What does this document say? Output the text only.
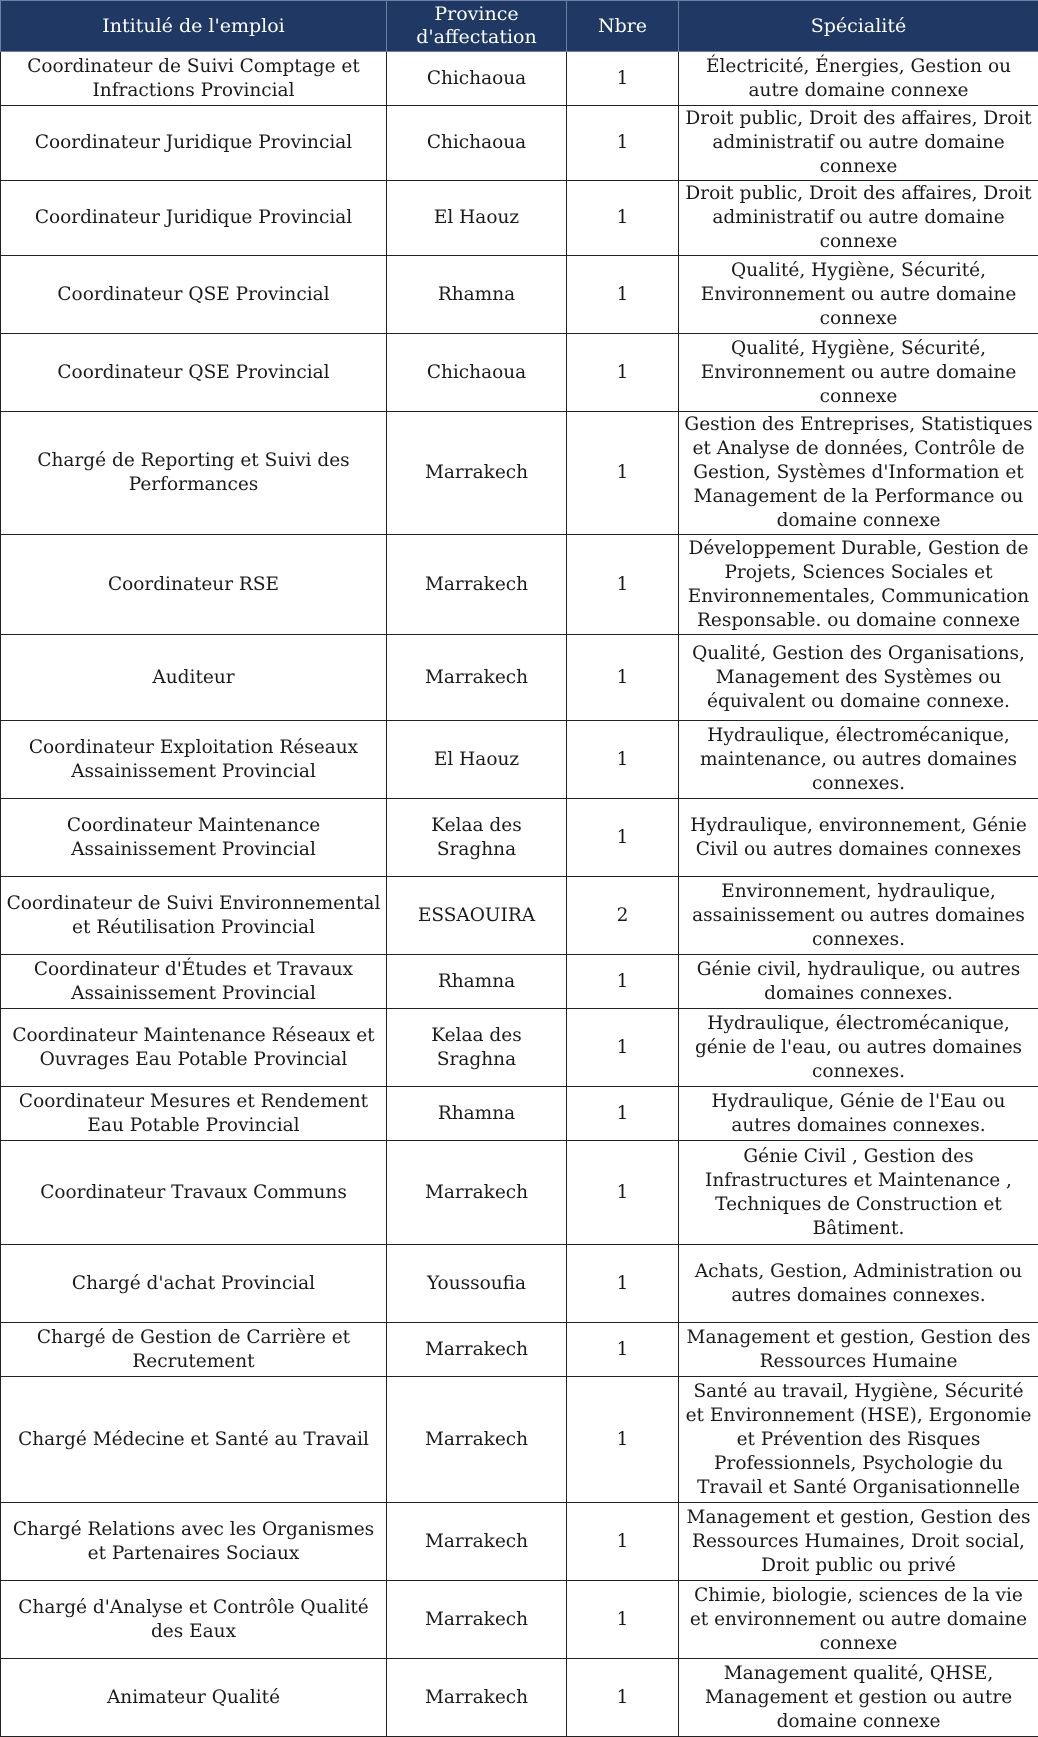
Intitulé de l'emploi	Province d'affectation	Nbre	Spécialité
Coordinateur de Suivi Comptage et Infractions Provincial	Chichaoua	1	Électricité, Énergies, Gestion ou autre domaine connexe
Coordinateur Juridique Provincial	Chichaoua	1	Droit public, Droit des affaires, Droit administratif ou autre domaine connexe
Coordinateur Juridique Provincial	El Haouz	1	Droit public, Droit des affaires, Droit administratif ou autre domaine connexe
Coordinateur QSE Provincial	Rhamna	1	Qualité, Hygiène, Sécurité, Environnement ou autre domaine connexe
Coordinateur QSE Provincial	Chichaoua	1	Qualité, Hygiène, Sécurité, Environnement ou autre domaine connexe
Chargé de Reporting et Suivi des Performances	Marrakech	1	Gestion des Entreprises, Statistiques et Analyse de données, Contrôle de Gestion, Systèmes d'Information et Management de la Performance ou domaine connexe
Coordinateur RSE	Marrakech	1	Développement Durable, Gestion de Projets, Sciences Sociales et Environnementales, Communication Responsable. ou domaine connexe
Auditeur	Marrakech	1	Qualité, Gestion des Organisations, Management des Systèmes ou équivalent ou domaine connexe.
Coordinateur Exploitation Réseaux Assainissement Provincial	El Haouz	1	Hydraulique, électromécanique, maintenance, ou autres domaines connexes.
Coordinateur Maintenance Assainissement Provincial	Kelaa des Sraghna	1	Hydraulique, environnement, Génie Civil ou autres domaines connexes
Coordinateur de Suivi Environnemental et Réutilisation Provincial	ESSAOUIRA	2	Environnement, hydraulique, assainissement ou autres domaines connexes.
Coordinateur d'Études et Travaux Assainissement Provincial	Rhamna	1	Génie civil, hydraulique, ou autres domaines connexes.
Coordinateur Maintenance Réseaux et Ouvrages Eau Potable Provincial	Kelaa des Sraghna	1	Hydraulique, électromécanique, génie de l'eau, ou autres domaines connexes.
Coordinateur Mesures et Rendement Eau Potable Provincial	Rhamna	1	Hydraulique, Génie de l'Eau ou autres domaines connexes.
Coordinateur Travaux Communs	Marrakech	1	Génie Civil , Gestion des Infrastructures et Maintenance , Techniques de Construction et Bâtiment.
Chargé d'achat Provincial	Youssoufia	1	Achats, Gestion, Administration ou autres domaines connexes.
Chargé de Gestion de Carrière et Recrutement	Marrakech	1	Management et gestion, Gestion des Ressources Humaine
Chargé Médecine et Santé au Travail	Marrakech	1	Santé au travail, Hygiène, Sécurité et Environnement (HSE), Ergonomie et Prévention des Risques Professionnels, Psychologie du Travail et Santé Organisationnelle
Chargé Relations avec les Organismes et Partenaires Sociaux	Marrakech	1	Management et gestion, Gestion des Ressources Humaines, Droit social, Droit public ou privé
Chargé d'Analyse et Contrôle Qualité des Eaux	Marrakech	1	Chimie, biologie, sciences de la vie et environnement ou autre domaine connexe
Animateur Qualité	Marrakech	1	Management qualité, QHSE, Management et gestion ou autre domaine connexe
